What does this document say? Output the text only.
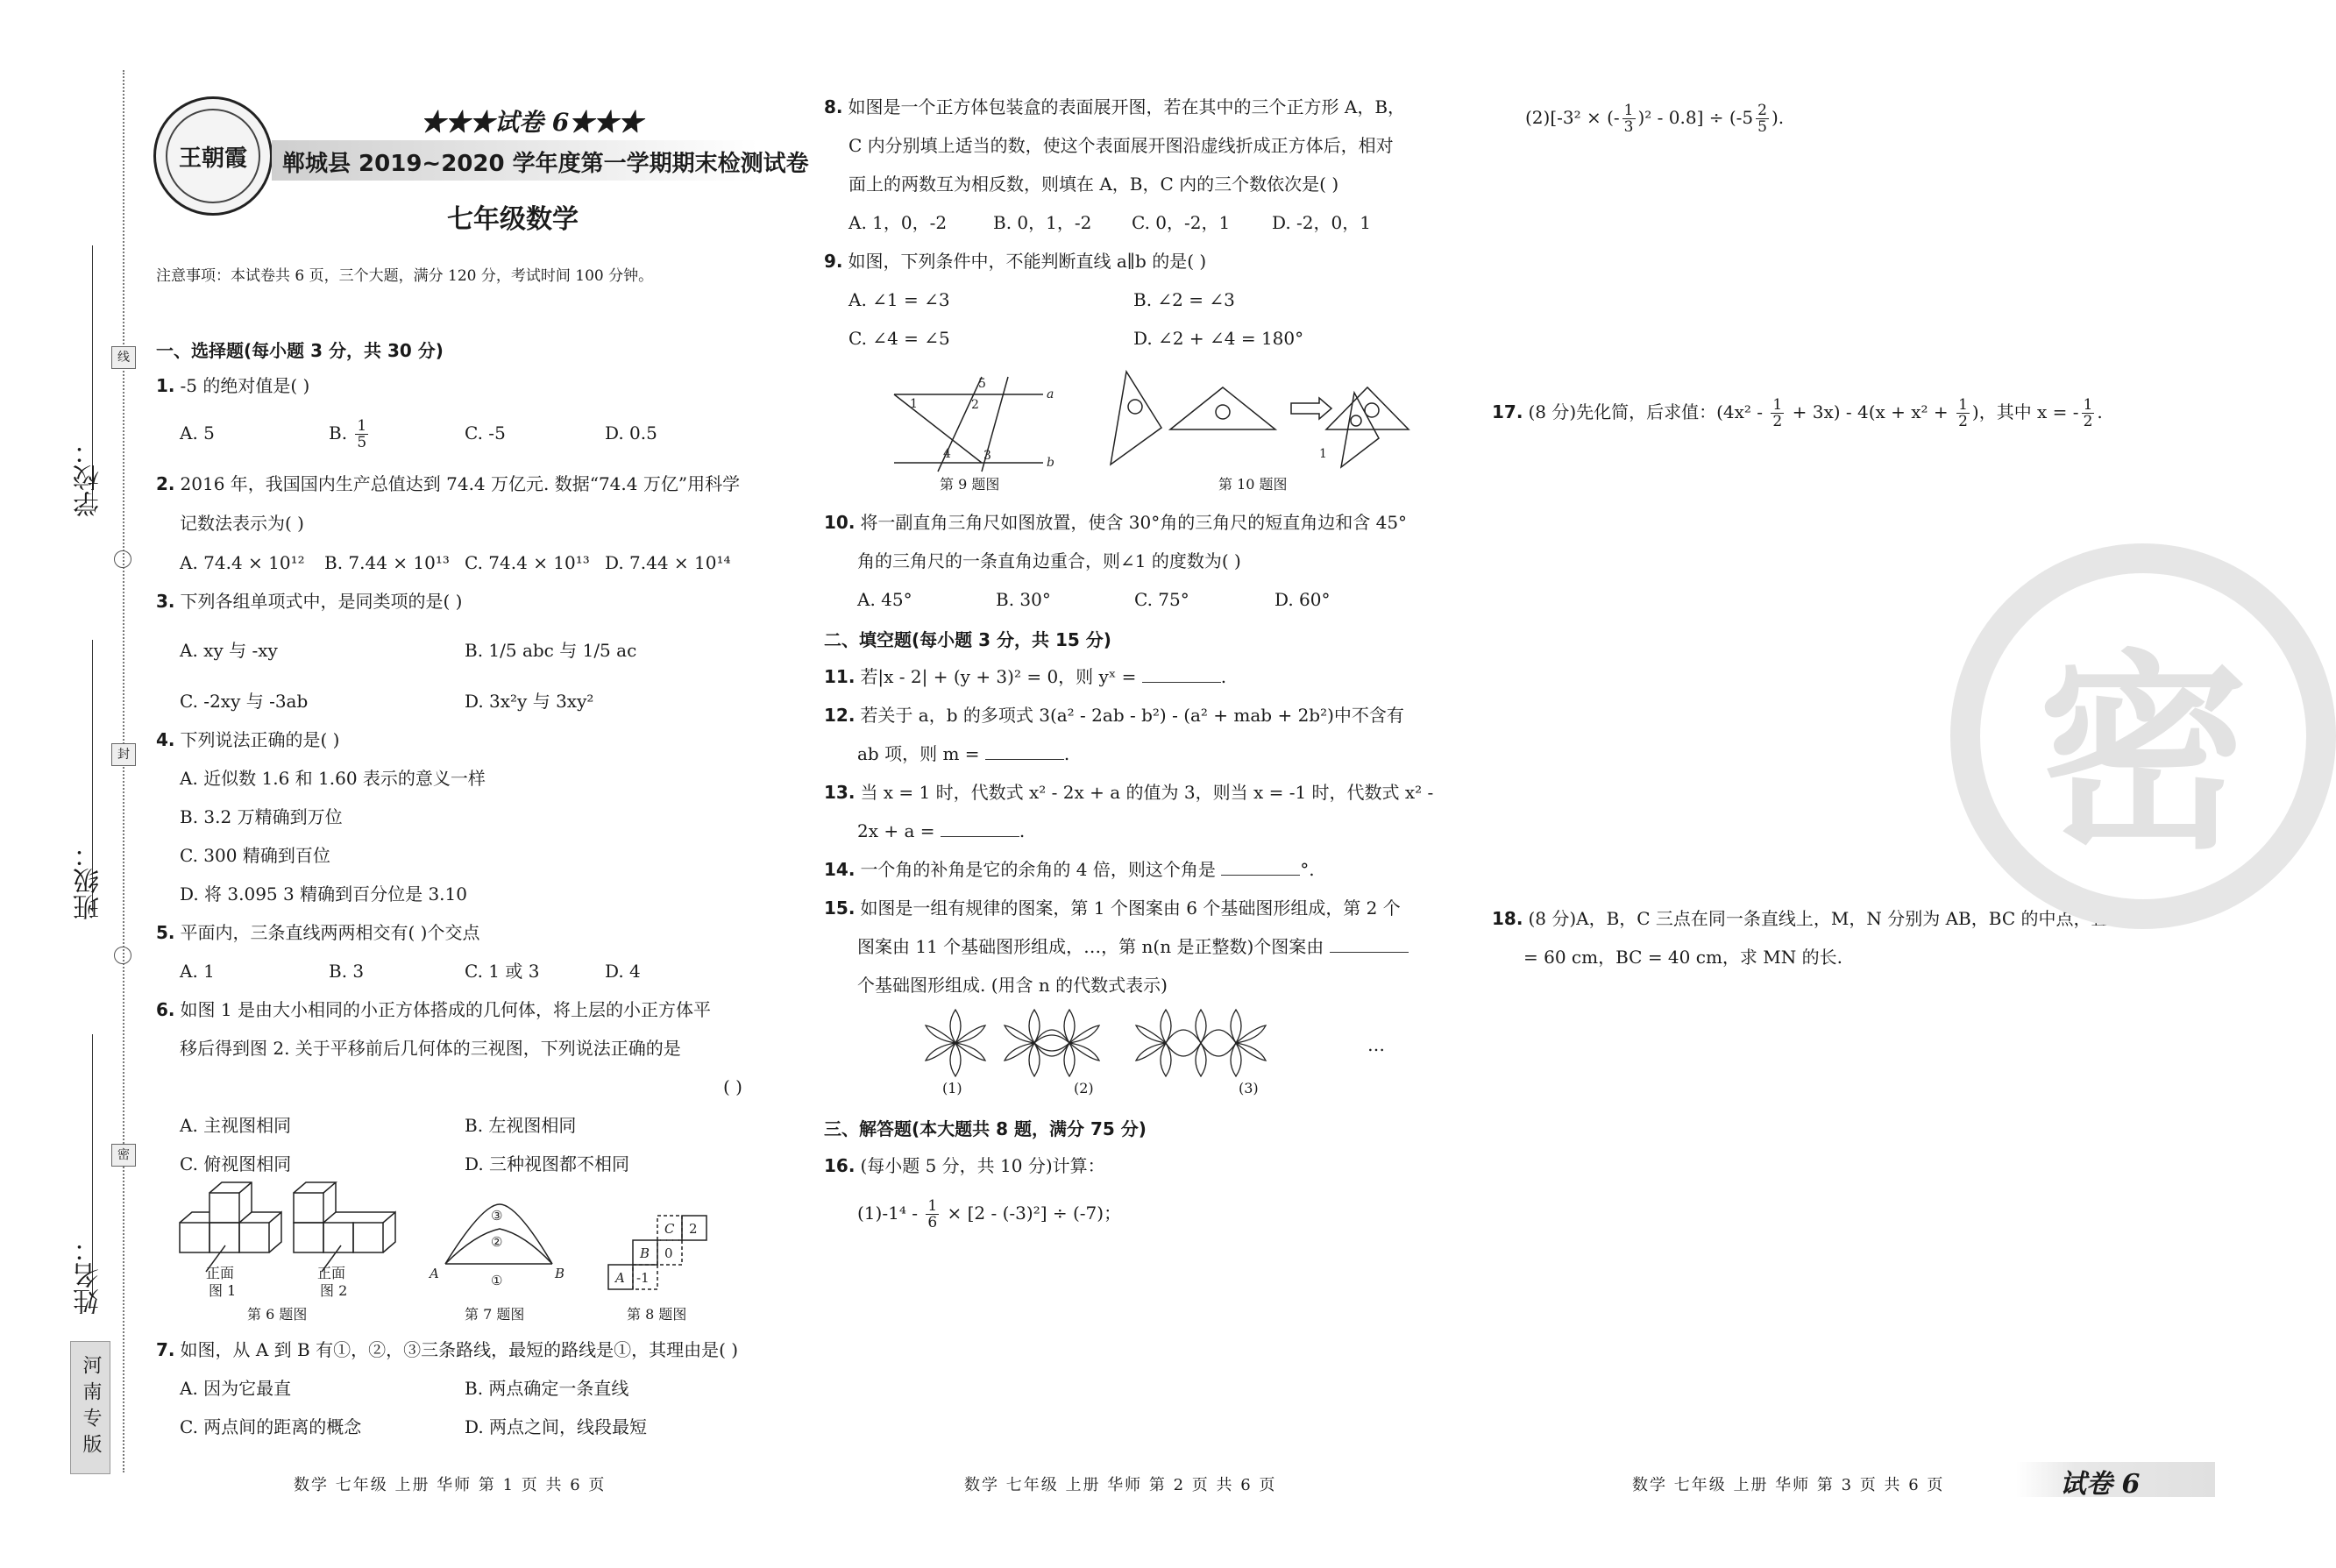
学校：
班级：
姓名：
线
封
密
河南专版
王朝霞
★★★试卷 6★★★
郸城县 2019~2020 学年度第一学期期末检测试卷
七年级数学
注意事项：本试卷共 6 页，三个大题，满分 120 分，考试时间 100 分钟。
一、选择题(每小题 3 分，共 30 分)
1. -5 的绝对值是( )
A. 5	B. $\frac{1}{5}$	C. -5	D. 0.5
2. 2016 年，我国国内生产总值达到 74.4 万亿元. 数据“74.4 万亿”用科学
记数法表示为( )
A. 74.4 × 10¹²	B. 7.44 × 10¹³ C. 74.4 × 10¹³ D. 7.44 × 10¹⁴
3. 下列各组单项式中，是同类项的是( )
A. xy 与 -xy	B. 1/5 abc 与 1/5 ac
C. -2xy 与 -3ab	D. 3x²y 与 3xy²
4. 下列说法正确的是( )
A. 近似数 1.6 和 1.60 表示的意义一样
B. 3.2 万精确到万位
C. 300 精确到百位
D. 将 3.095 3 精确到百分位是 3.10
5. 平面内，三条直线两两相交有( )个交点
A. 1	B. 3	C. 1 或 3	D. 4
6. 如图 1 是由大小相同的小正方体搭成的几何体，将上层的小正方体平
移后得到图 2. 关于平移前后几何体的三视图，下列说法正确的是
( )
A. 主视图相同	B. 左视图相同
C. 俯视图相同	D. 三种视图都不相同
正面
图 1
正面
图 2
第 6 题图
A	B
①
②
③
第 7 题图
C 2
B 0
A -1
第 8 题图
7. 如图，从 A 到 B 有①，②，③三条路线，最短的路线是①，其理由是( )
A. 因为它最直	B. 两点确定一条直线
C. 两点间的距离的概念	D. 两点之间，线段最短
数学 七年级 上册 华师 第 1 页 共 6 页
8. 如图是一个正方体包装盒的表面展开图，若在其中的三个正方形 A，B，
C 内分别填上适当的数，使这个表面展开图沿虚线折成正方体后，相对
面上的两数互为相反数，则填在 A，B，C 内的三个数依次是( )
A. 1，0，-2	B. 0，1，-2	C. 0，-2，1	D. -2，0，1
9. 如图，下列条件中，不能判断直线 a∥b 的是( )
A. ∠1 = ∠3	B. ∠2 = ∠3
C. ∠4 = ∠5	D. ∠2 + ∠4 = 180°
1	2
3
4
5
a
b
第 9 题图
1
第 10 题图
10. 将一副直角三角尺如图放置，使含 30°角的三角尺的短直角边和含 45°
角的三角尺的一条直角边重合，则∠1 的度数为( )
A. 45°	B. 30°	C. 75°	D. 60°
二、填空题(每小题 3 分，共 15 分)
11. 若|x - 2| + (y + 3)² = 0，则 yˣ =	.
12. 若关于 a，b 的多项式 3(a² - 2ab - b²) - (a² + mab + 2b²)中不含有
ab 项，则 m =	.
13. 当 x = 1 时，代数式 x² - 2x + a 的值为 3，则当 x = -1 时，代数式 x² -
2x + a =	.
14. 一个角的补角是它的余角的 4 倍，则这个角是	°.
15. 如图是一组有规律的图案，第 1 个图案由 6 个基础图形组成，第 2 个
图案由 11 个基础图形组成，…，第 n(n 是正整数)个图案由
个基础图形组成. (用含 n 的代数式表示)
(1)	(2)	(3)
…
三、解答题(本大题共 8 题，满分 75 分)
16. (每小题 5 分，共 10 分)计算：
$(1)-1^4 - \frac{1}{6} \times [2 - (-3)^2] \div (-7)$；
数学 七年级 上册 华师 第 2 页 共 6 页
(2)[-3² × (- $\frac{1}{3} )^2 - 0.8] \div (-5 \frac{2}{5}$ ).
17. (8 分)先化简，后求值：$(4x^2 - \frac{1}{2} + 3x) - 4(x + x^2 + \frac{1}{2}$ )，其中 x = - $\frac{1}{2}$ .
18. (8 分)A，B，C 三点在同一条直线上，M，N 分别为 AB，BC 的中点，且 AB
= 60 cm，BC = 40 cm，求 MN 的长.
密
数学 七年级 上册 华师 第 3 页 共 6 页	试卷 6
